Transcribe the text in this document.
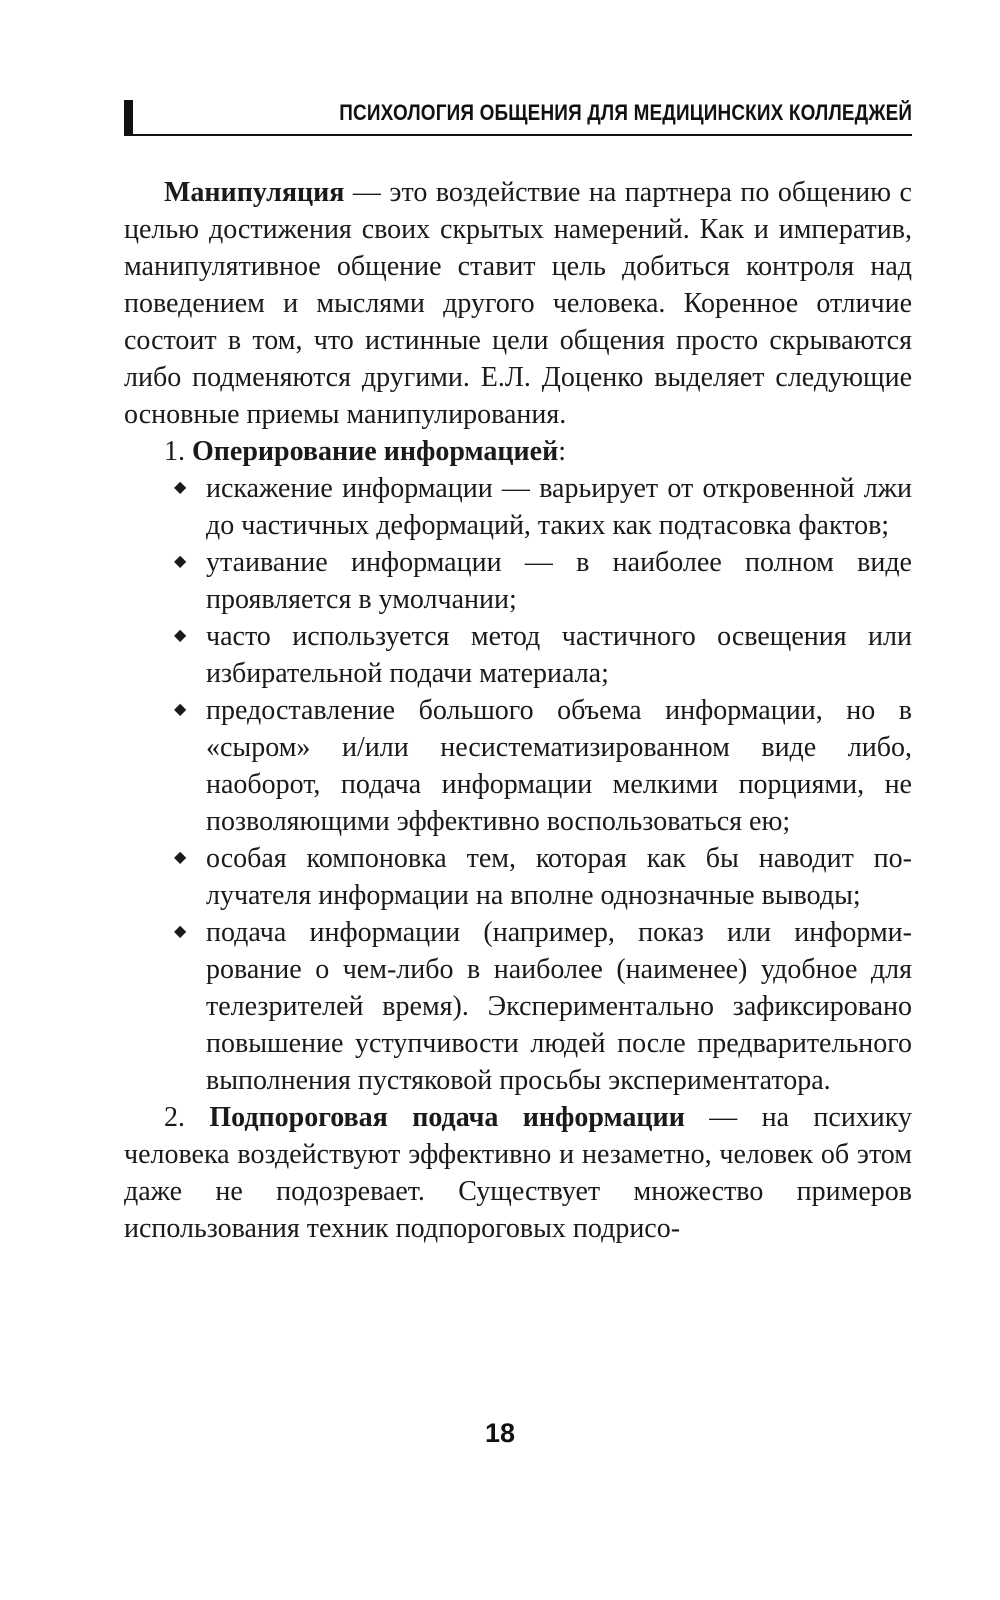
ПСИХОЛОГИЯ ОБЩЕНИЯ ДЛЯ МЕДИЦИНСКИХ КОЛЛЕДЖЕЙ

Манипуляция — это воздействие на партнера по общению с целью достижения своих скрытых намерений. Как и императив, манипулятивное общение ставит цель добиться контроля над поведением и мыслями другого человека. Коренное отличие состоит в том, что истинные цели общения просто скрываются либо подменяются другими. Е.Л. Доценко выделяет следующие основные приемы манипулирования.

1. Оперирование информацией:

◆ искажение информации — варьирует от откровенной лжи до частичных деформаций, таких как подтасовка фактов;
◆ утаивание информации — в наиболее полном виде проявляется в умолчании;
◆ часто используется метод частичного освещения или избирательной подачи материала;
◆ предоставление большого объема информации, но в «сыром» и/или несистематизированном виде либо, наоборот, подача информации мелкими порциями, не позволяющими эффективно воспользоваться ею;
◆ особая компоновка тем, которая как бы наводит получателя информации на вполне однозначные выводы;
◆ подача информации (например, показ или информирование о чем-либо в наиболее (наименее) удобное для телезрителей время). Экспериментально зафиксировано повышение уступчивости людей после предварительного выполнения пустяковой просьбы экспериментатора.

2. Подпороговая подача информации — на психику человека воздействуют эффективно и незаметно, человек об этом даже не подозревает. Существует множество примеров использования техник подпороговых подрисо-

18
